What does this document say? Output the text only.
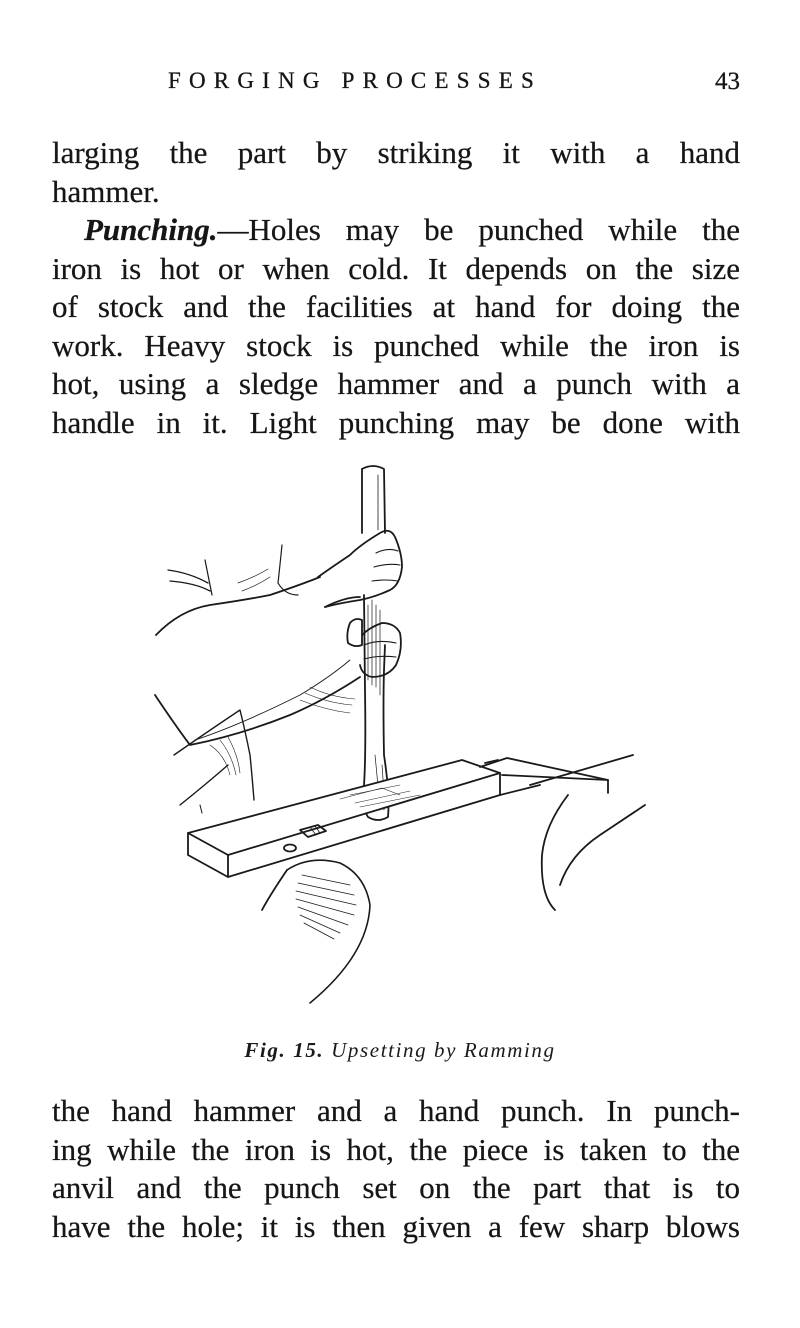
FORGING PROCESSES	43
larging the part by striking it with a hand
hammer.
Punching.—Holes may be punched while the
iron is hot or when cold. It depends on the size
of stock and the facilities at hand for doing the
work. Heavy stock is punched while the iron is
hot, using a sledge hammer and a punch with a
handle in it. Light punching may be done with
Fig. 15. Upsetting by Ramming
the hand hammer and a hand punch. In punch-
ing while the iron is hot, the piece is taken to the
anvil and the punch set on the part that is to
have the hole; it is then given a few sharp blows
